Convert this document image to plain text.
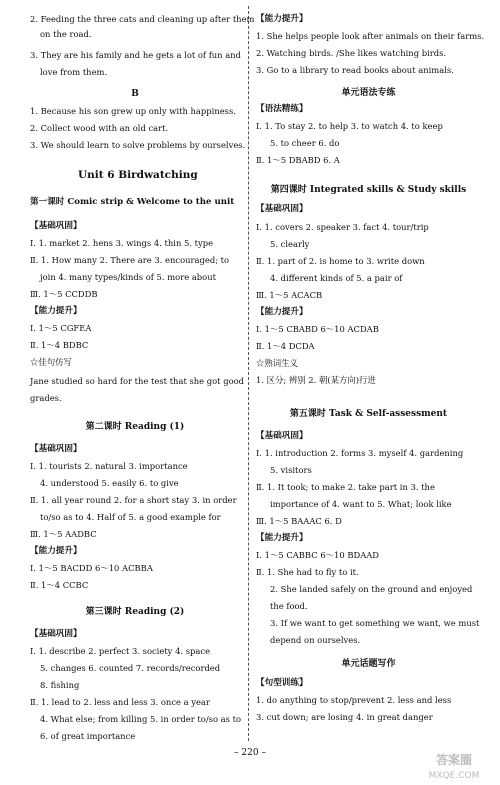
2. Feeding the three cats and cleaning up after them
on the road.
3. They are his family and he gets a lot of fun and
love from them.
B
1. Because his son grew up only with happiness.
2. Collect wood with an old cart.
3. We should learn to solve problems by ourselves.
Unit 6 Birdwatching
第一课时 Comic strip & Welcome to the unit
【基础巩固】
Ⅰ. 1. market 2. hens 3. wings 4. thin 5. type
Ⅱ. 1. How many 2. There are 3. encouraged; to
join 4. many types/kinds of 5. more about
Ⅲ. 1～5 CCDDB
【能力提升】
Ⅰ. 1～5 CGFEA
Ⅱ. 1～4 BDBC
☆佳句仿写
Jane studied so hard for the test that she got good
grades.
第二课时 Reading (1)
【基础巩固】
Ⅰ. 1. tourists 2. natural 3. importance
4. understood 5. easily 6. to give
Ⅱ. 1. all year round 2. for a short stay 3. in order
to/so as to 4. Half of 5. a good example for
Ⅲ. 1～5 AADBC
【能力提升】
Ⅰ. 1～5 BACDD 6～10 ACBBA
Ⅱ. 1～4 CCBC
第三课时 Reading (2)
【基础巩固】
Ⅰ. 1. describe 2. perfect 3. society 4. space
5. changes 6. counted 7. records/recorded
8. fishing
Ⅱ. 1. lead to 2. less and less 3. once a year
4. What else; from killing 5. in order to/so as to
6. of great importance
【能力提升】
1. She helps people look after animals on their farms.
2. Watching birds. /She likes watching birds.
3. Go to a library to read books about animals.
单元语法专练
【语法精练】
Ⅰ. 1. To stay 2. to help 3. to watch 4. to keep
5. to cheer 6. do
Ⅱ. 1～5 DBABD 6. A
第四课时 Integrated skills & Study skills
【基础巩固】
Ⅰ. 1. covers 2. speaker 3. fact 4. tour/trip
5. clearly
Ⅱ. 1. part of 2. is home to 3. write down
4. different kinds of 5. a pair of
Ⅲ. 1～5 ACACB
【能力提升】
Ⅰ. 1～5 CBABD 6～10 ACDAB
Ⅱ. 1～4 DCDA
☆熟词生义
1. 区分; 辨别 2. 朝(某方向)行进
第五课时 Task & Self-assessment
【基础巩固】
Ⅰ. 1. introduction 2. forms 3. myself 4. gardening
5. visitors
Ⅱ. 1. It took; to make 2. take part in 3. the
importance of 4. want to 5. What; look like
Ⅲ. 1～5 BAAAC 6. D
【能力提升】
Ⅰ. 1～5 CABBC 6～10 BDAAD
Ⅱ. 1. She had to fly to it.
2. She landed safely on the ground and enjoyed
the food.
3. If we want to get something we want, we must
depend on ourselves.
单元话题写作
【句型训练】
1. do anything to stop/prevent 2. less and less
3. cut down; are losing 4. in great danger
– 220 –	答案圈
MXQE.COM
